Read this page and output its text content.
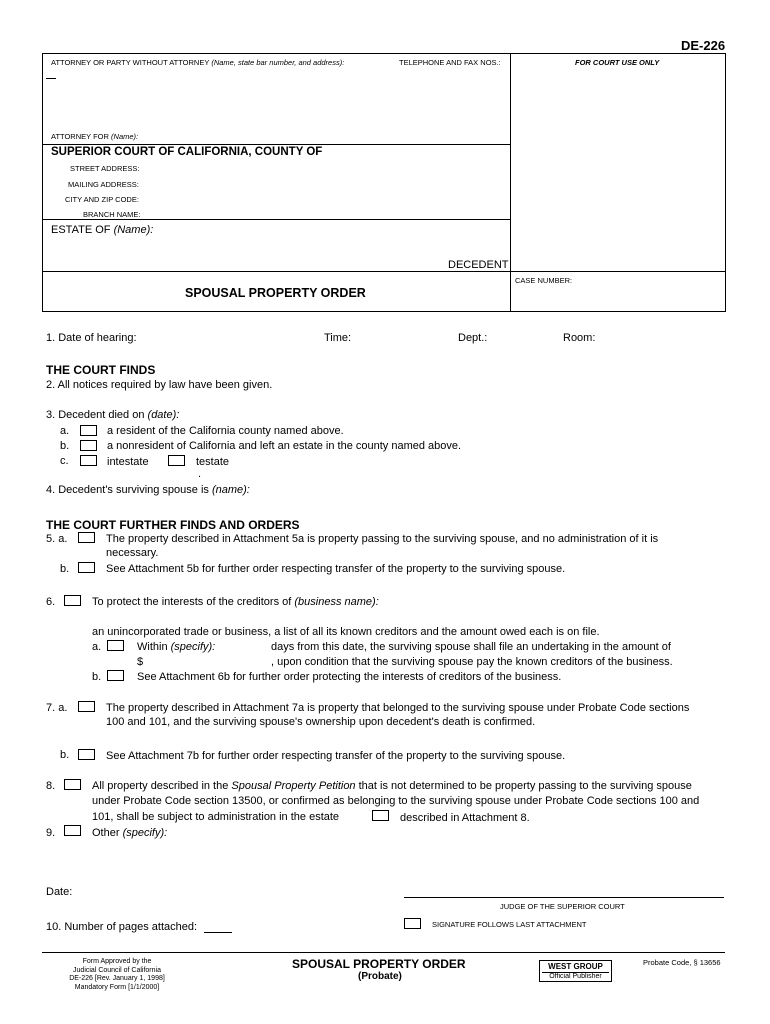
DE-226
ATTORNEY OR PARTY WITHOUT ATTORNEY (Name, state bar number, and address):	TELEPHONE AND FAX NOS.:	FOR COURT USE ONLY
ATTORNEY FOR (Name):
SUPERIOR COURT OF CALIFORNIA, COUNTY OF
STREET ADDRESS:
MAILING ADDRESS:
CITY AND ZIP CODE:
BRANCH NAME:
ESTATE OF (Name):
DECEDENT
CASE NUMBER:
SPOUSAL PROPERTY ORDER
1. Date of hearing:	Time:	Dept.:	Room:
THE COURT FINDS
2. All notices required by law have been given.
3. Decedent died on (date):
a.	a resident of the California county named above.
b.	a nonresident of California and left an estate in the county named above.
c.	intestate	testate
.
4. Decedent's surviving spouse is (name):
THE COURT FURTHER FINDS AND ORDERS
5. a.	The property described in Attachment 5a is property passing to the surviving spouse, and no administration of it is
necessary.
b.	See Attachment 5b for further order respecting transfer of the property to the surviving spouse.
6.	To protect the interests of the creditors of (business name):
an unincorporated trade or business, a list of all its known creditors and the amount owed each is on file.
a.	Within (specify):	days from this date, the surviving spouse shall file an undertaking in the amount of
$	, upon condition that the surviving spouse pay the known creditors of the business.
b.	See Attachment 6b for further order protecting the interests of creditors of the business.
7. a.	The property described in Attachment 7a is property that belonged to the surviving spouse under Probate Code sections
100 and 101, and the surviving spouse's ownership upon decedent's death is confirmed.
b.	See Attachment 7b for further order respecting transfer of the property to the surviving spouse.
8.	All property described in the Spousal Property Petition that is not determined to be property passing to the surviving spouse
under Probate Code section 13500, or confirmed as belonging to the surviving spouse under Probate Code sections 100 and
101, shall be subject to administration in the estate	described in Attachment 8.
9.	Other (specify):
Date:
JUDGE OF THE SUPERIOR COURT
10. Number of pages attached:	SIGNATURE FOLLOWS LAST ATTACHMENT
Form Approved by the
Judicial Council of California
DE-226 [Rev. January 1, 1998]
Mandatory Form [1/1/2000]
SPOUSAL PROPERTY ORDER
(Probate)
WEST GROUP
Official Publisher
Probate Code, § 13656
